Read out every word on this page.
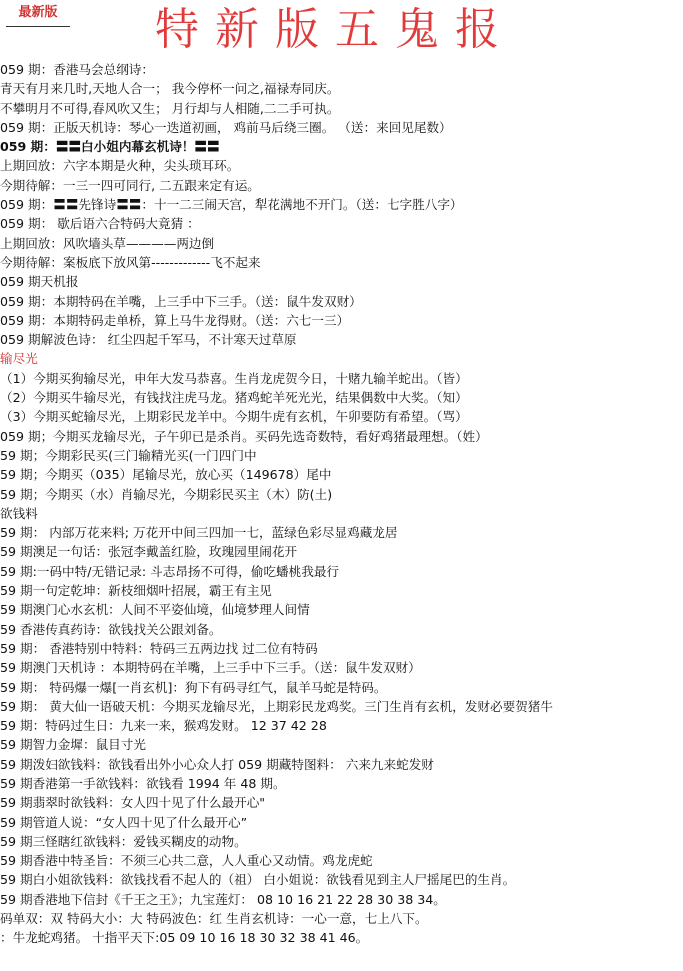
最新版 特新版五鬼报
059 期：香港马会总纲诗：
青天有月来几时,天地人合一； 我今停杯一问之,福禄寿同庆。
不攀明月不可得,春风吹又生； 月行却与人相随,二二手可执。
059 期：正版天机诗：琴心一迭道初画， 鸡前马后绕三圈。 （送：来回见尾数）
059 期：〓〓白小姐内幕玄机诗！〓〓
上期回放：六字本期是火种，尖头琐耳环。
今期待解：一三一四可同行, 二五跟来定有运。
059 期：〓〓先锋诗〓〓：十一二三闹天宫，犁花满地不开门。（送：七字胜八字）
059 期： 歇后语六合特码大竟猜 ：
上期回放：风吹墙头草————两边倒
今期待解：案板底下放风第-------------飞不起来
059 期天机报
059 期：本期特码在羊嘴，上三手中下三手。（送：鼠牛发双财）
059 期：本期特码走单桥，算上马牛龙得财。（送：六七一三）
059 期解波色诗： 红尘四起千军马，不计寒天过草原
输尽光
（1）今期买狗输尽光，申年大发马恭喜。生肖龙虎贺今日，十赌九输羊蛇出。（皆）
（2）今期买牛输尽光，有钱找注虎马龙。猪鸡蛇羊死光光，结果偶数中大奖。（知）
（3）今期买蛇输尽光，上期彩民龙羊中。今期牛虎有玄机，午卯要防有希望。（骂）
059 期；今期买龙输尽光，子午卯已是杀肖。买码先选奇数特，看好鸡猪最理想。（姓）
59 期；今期彩民买(三门输精光买(一门四门中
59 期；今期买（035）尾输尽光，放心买（149678）尾中
59 期；今期买（水）肖输尽光，今期彩民买主（木）防(土)
欲钱料
59 期： 内部万花来料; 万花开中间三四加一七，蓝绿色彩尽显鸡藏龙居
59 期澳足一句话：张冠李戴盖红脸，玫瑰园里闹花开
59 期:一码中特/无错记录: 斗志昂扬不可得，偷吃蟠桃我最行
59 期一句定乾坤：新枝细烟叶招展，霸王有主见
59 期澳门心水玄机：人间不平姿仙境，仙境梦理人间情
59 香港传真药诗：欲钱找关公跟刘备。
59 期： 香港特别中特料：特码三五两边找 过二位有特码
59 期澳门天机诗 ：本期特码在羊嘴，上三手中下三手。（送：鼠牛发双财）
59 期： 特码爆一爆[一肖玄机]：狗下有码寻红气，鼠羊马蛇是特码。
59 期： 黄大仙一语破天机：今期买龙输尽光，上期彩民龙鸡奖。三门生肖有玄机，发财必要贺猪牛
59 期：特码过生日：九来一来，猴鸡发财。 12 37 42 28
59 期智力金墀：鼠目寸光
59 期泼妇欲钱料：欲钱看出外小心众人打 059 期藏特图料： 六来九来蛇发财
59 期香港第一手欲钱料：欲钱看 1994 年 48 期。
59 期翡翠时欲钱料：女人四十见了什么最开心"
59 期管道人说：“女人四十见了什么最开心”
59 期三怪瞎红欲钱料：爱钱买糊皮的动物。
59 期香港中特圣旨：不须三心共二意，人人重心又动情。鸡龙虎蛇
59 期白小姐欲钱料：欲钱找看不起人的（祖） 白小姐说：欲钱看见到主人尸摇尾巴的生肖。
59 期香港地下信封《千王之王》；九宝莲灯： 08 10 16 21 22 28 30 38 34。
码单双：双 特码大小：大 特码波色：红 生肖玄机诗：一心一意，七上八下。
：牛龙蛇鸡猪。 十指平天下:05 09 10 16 18 30 32 38 41 46。
